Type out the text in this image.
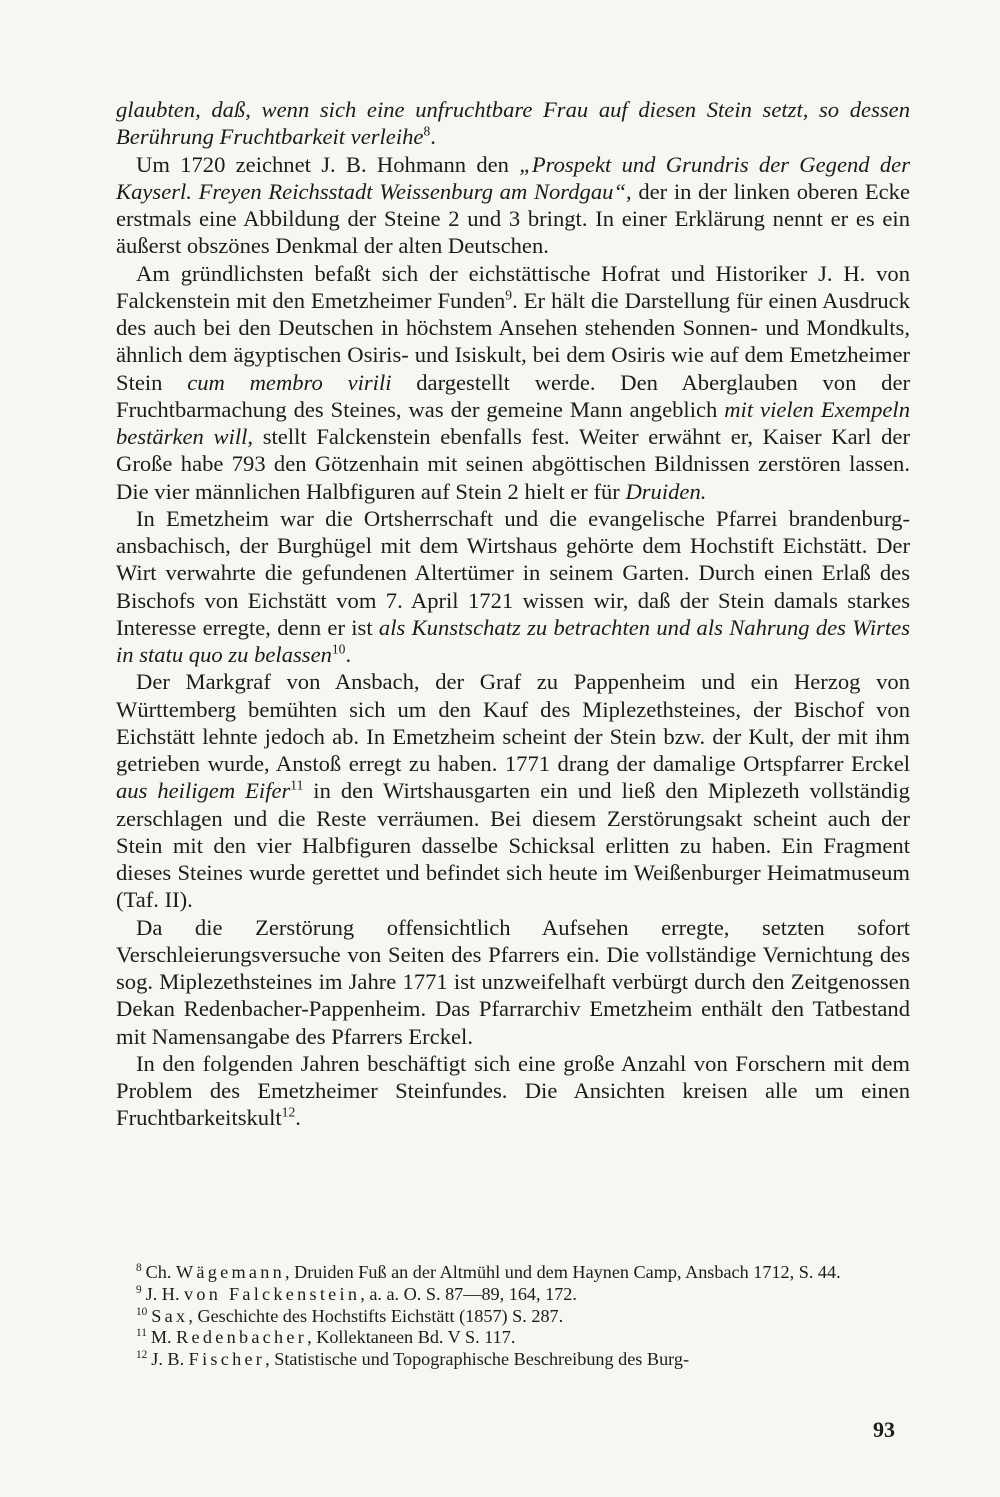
glaubten, daß, wenn sich eine unfruchtbare Frau auf diesen Stein setzt, so dessen Berührung Fruchtbarkeit verleihe$^8$.

Um 1720 zeichnet J. B. Hohmann den „Prospekt und Grundris der Gegend der Kayserl. Freyen Reichsstadt Weissenburg am Nordgau“, der in der linken oberen Ecke erstmals eine Abbildung der Steine 2 und 3 bringt. In einer Erklärung nennt er es ein äußerst obszönes Denkmal der alten Deutschen.

Am gründlichsten befaßt sich der eichstättische Hofrat und Historiker J. H. von Falckenstein mit den Emetzheimer Funden$^9$. Er hält die Darstellung für einen Ausdruck des auch bei den Deutschen in höchstem Ansehen stehenden Sonnen- und Mondkults, ähnlich dem ägyptischen Osiris- und Isiskult, bei dem Osiris wie auf dem Emetzheimer Stein cum membro virili dargestellt werde. Den Aberglauben von der Fruchtbarmachung des Steines, was der gemeine Mann angeblich mit vielen Exempeln bestärken will, stellt Falckenstein ebenfalls fest. Weiter erwähnt er, Kaiser Karl der Große habe 793 den Götzenhain mit seinen abgöttischen Bildnissen zerstören lassen. Die vier männlichen Halbfiguren auf Stein 2 hielt er für Druiden.

In Emetzheim war die Ortsherrschaft und die evangelische Pfarrei brandenburg-ansbachisch, der Burghügel mit dem Wirtshaus gehörte dem Hochstift Eichstätt. Der Wirt verwahrte die gefundenen Altertümer in seinem Garten. Durch einen Erlaß des Bischofs von Eichstätt vom 7. April 1721 wissen wir, daß der Stein damals starkes Interesse erregte, denn er ist als Kunstschatz zu betrachten und als Nahrung des Wirtes in statu quo zu belassen$^{10}$.

Der Markgraf von Ansbach, der Graf zu Pappenheim und ein Herzog von Württemberg bemühten sich um den Kauf des Miplezethsteines, der Bischof von Eichstätt lehnte jedoch ab. In Emetzheim scheint der Stein bzw. der Kult, der mit ihm getrieben wurde, Anstoß erregt zu haben. 1771 drang der damalige Ortspfarrer Erckel aus heiligem Eifer$^{11}$ in den Wirtshausgarten ein und ließ den Miplezeth vollständig zerschlagen und die Reste verräumen. Bei diesem Zerstörungsakt scheint auch der Stein mit den vier Halbfiguren dasselbe Schicksal erlitten zu haben. Ein Fragment dieses Steines wurde gerettet und befindet sich heute im Weißenburger Heimatmuseum (Taf. II).

Da die Zerstörung offensichtlich Aufsehen erregte, setzten sofort Verschleierungsversuche von Seiten des Pfarrers ein. Die vollständige Vernichtung des sog. Miplezethsteines im Jahre 1771 ist unzweifelhaft verbürgt durch den Zeitgenossen Dekan Redenbacher-Pappenheim. Das Pfarrarchiv Emetzheim enthält den Tatbestand mit Namensangabe des Pfarrers Erckel.

In den folgenden Jahren beschäftigt sich eine große Anzahl von Forschern mit dem Problem des Emetzheimer Steinfundes. Die Ansichten kreisen alle um einen Fruchtbarkeitskult$^{12}$.

$^8$ Ch. Wägemann, Druiden Fuß an der Altmühl und dem Haynen Camp, Ansbach 1712, S. 44.

$^9$ J. H. von Falckenstein, a. a. O. S. 87—89, 164, 172.

$^{10}$ Sax, Geschichte des Hochstifts Eichstätt (1857) S. 287.

$^{11}$ M. Redenbacher, Kollektaneen Bd. V S. 117.

$^{12}$ J. B. Fischer, Statistische und Topographische Beschreibung des Burg-

93
